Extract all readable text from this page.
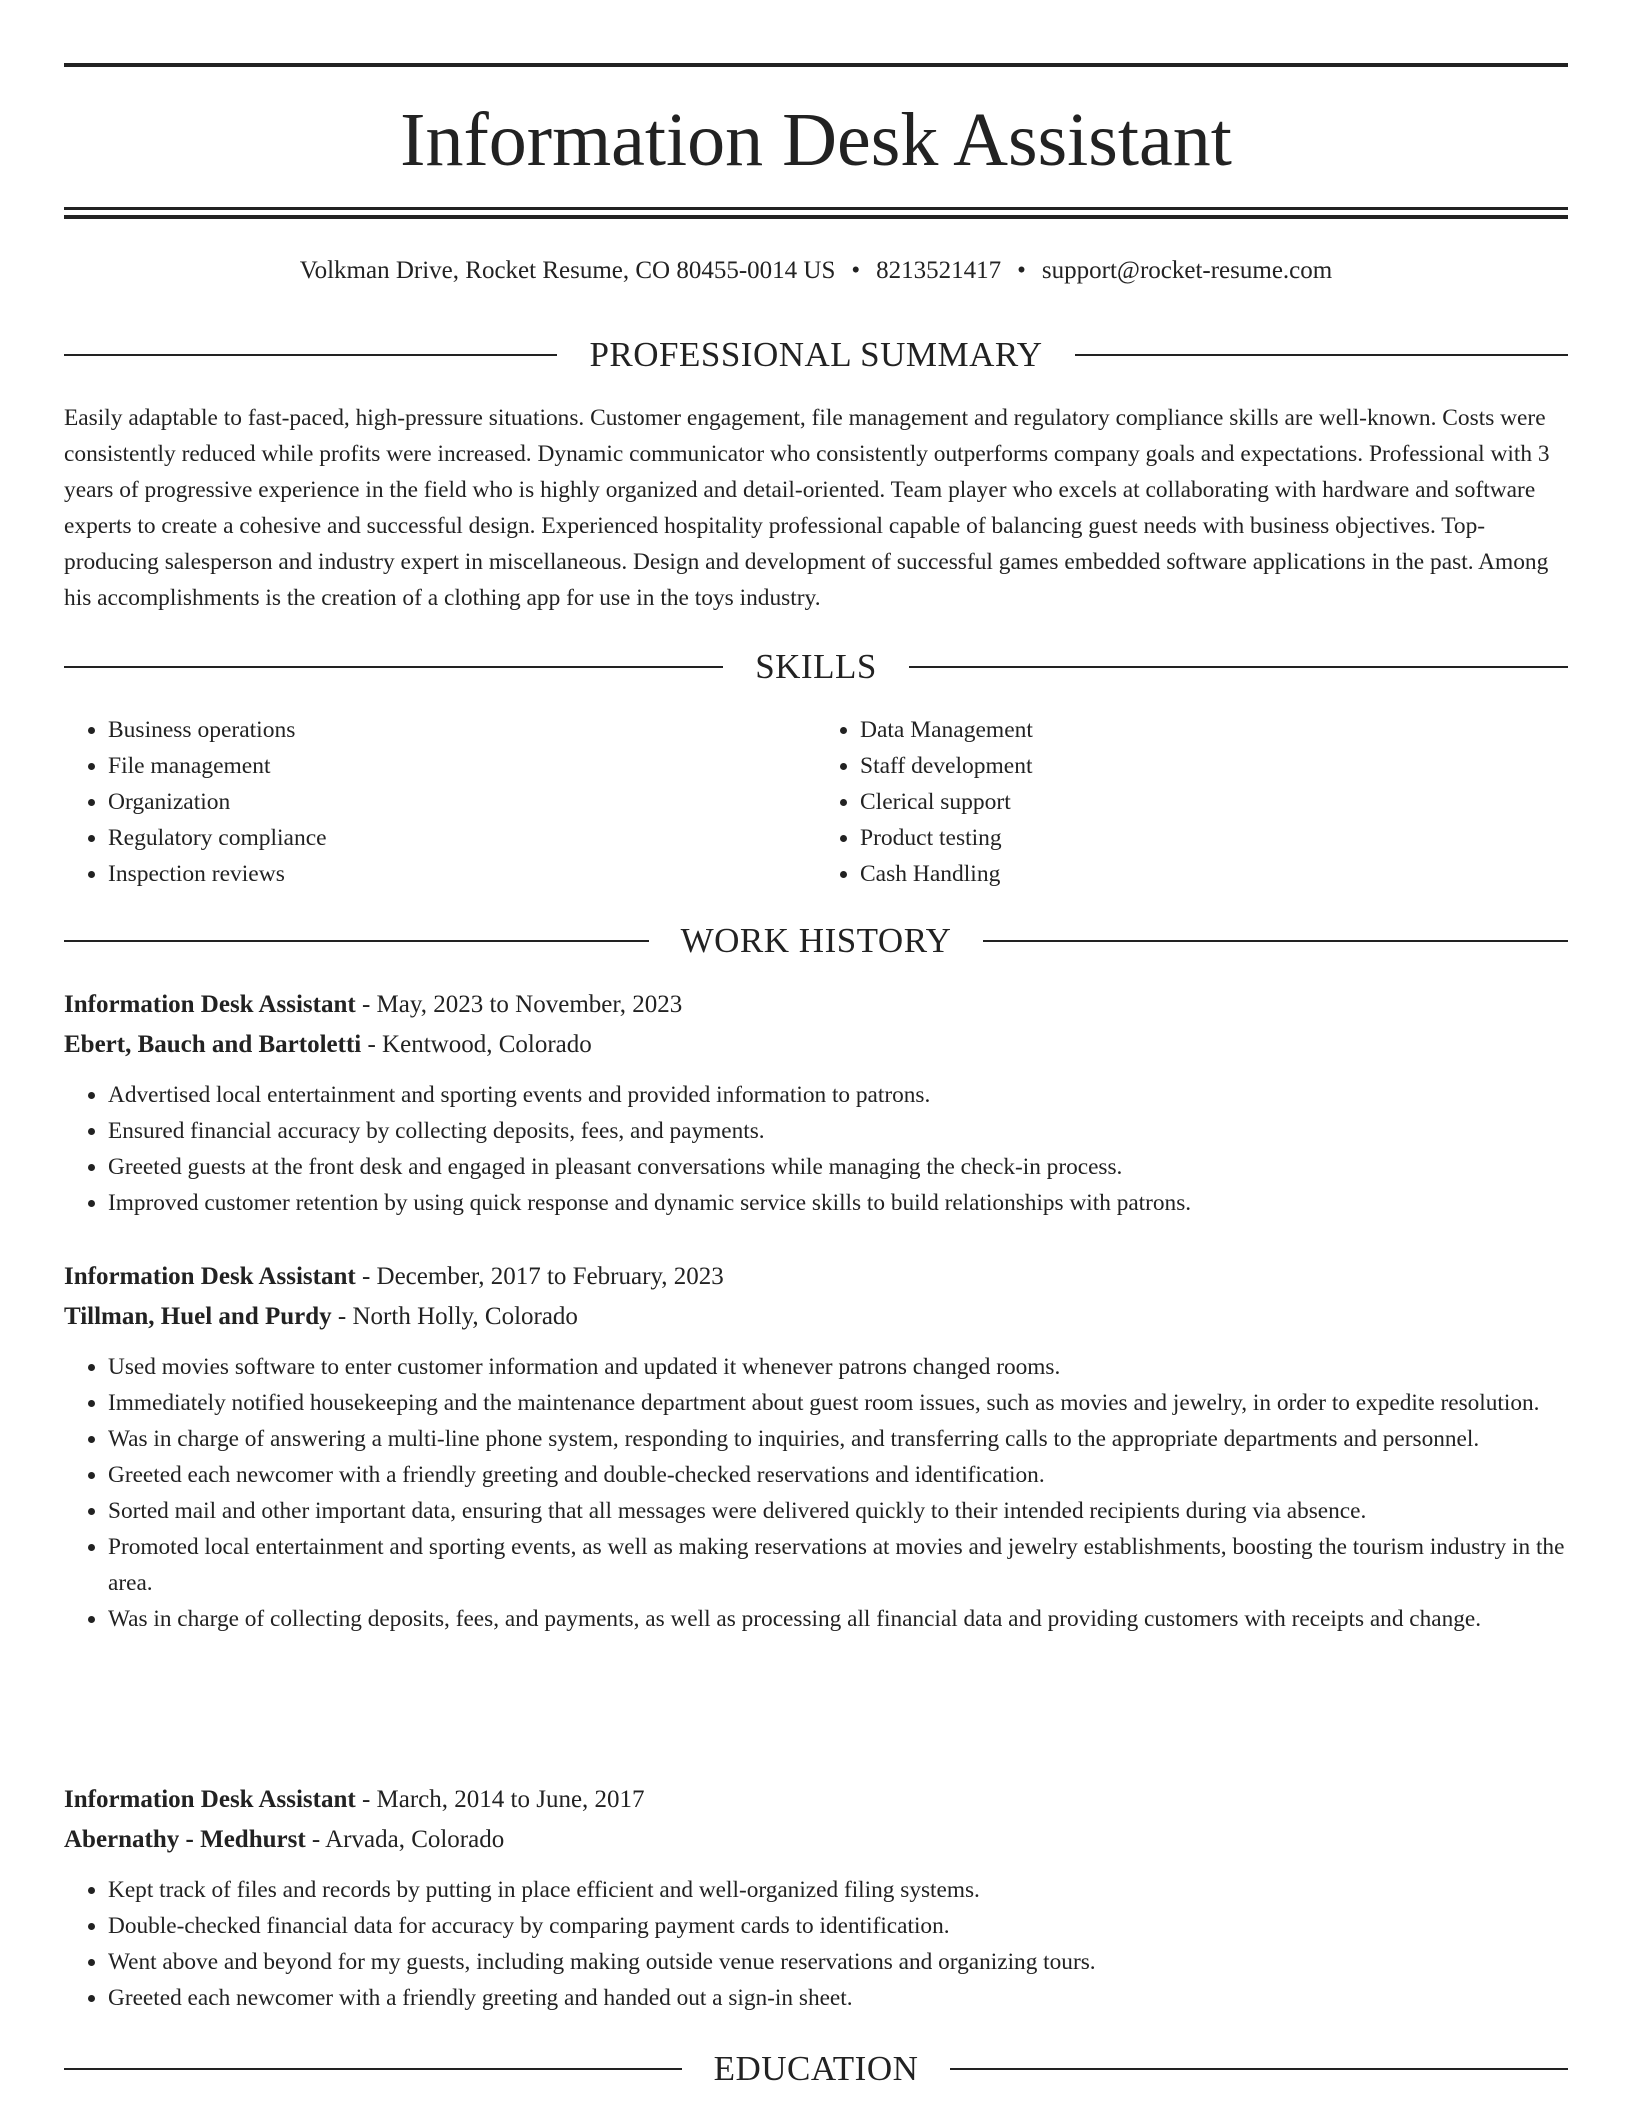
Information Desk Assistant
Volkman Drive, Rocket Resume, CO 80455-0014 US • 8213521417 • support@rocket-resume.com
PROFESSIONAL SUMMARY

Easily adaptable to fast-paced, high-pressure situations. Customer engagement, file management and regulatory compliance skills are well-known. Costs were consistently reduced while profits were increased. Dynamic communicator who consistently outperforms company goals and expectations. Professional with 3 years of progressive experience in the field who is highly organized and detail-oriented. Team player who excels at collaborating with hardware and software experts to create a cohesive and successful design. Experienced hospitality professional capable of balancing guest needs with business objectives. Top-producing salesperson and industry expert in miscellaneous. Design and development of successful games embedded software applications in the past. Among his accomplishments is the creation of a clothing app for use in the toys industry.

SKILLS
• Business operations
• File management
• Organization
• Regulatory compliance
• Inspection reviews
• Data Management
• Staff development
• Clerical support
• Product testing
• Cash Handling
WORK HISTORY

Information Desk Assistant - May, 2023 to November, 2023

Ebert, Bauch and Bartoletti - Kentwood, Colorado

• Advertised local entertainment and sporting events and provided information to patrons.
• Ensured financial accuracy by collecting deposits, fees, and payments.
• Greeted guests at the front desk and engaged in pleasant conversations while managing the check-in process.
• Improved customer retention by using quick response and dynamic service skills to build relationships with patrons.

Information Desk Assistant - December, 2017 to February, 2023

Tillman, Huel and Purdy - North Holly, Colorado

• Used movies software to enter customer information and updated it whenever patrons changed rooms.
• Immediately notified housekeeping and the maintenance department about guest room issues, such as movies and jewelry, in order to expedite resolution.
• Was in charge of answering a multi-line phone system, responding to inquiries, and transferring calls to the appropriate departments and personnel.
• Greeted each newcomer with a friendly greeting and double-checked reservations and identification.
• Sorted mail and other important data, ensuring that all messages were delivered quickly to their intended recipients during via absence.
• Promoted local entertainment and sporting events, as well as making reservations at movies and jewelry establishments, boosting the tourism industry in the area.
• Was in charge of collecting deposits, fees, and payments, as well as processing all financial data and providing customers with receipts and change.

Information Desk Assistant - March, 2014 to June, 2017

Abernathy - Medhurst - Arvada, Colorado

• Kept track of files and records by putting in place efficient and well-organized filing systems.
• Double-checked financial data for accuracy by comparing payment cards to identification.
• Went above and beyond for my guests, including making outside venue reservations and organizing tours.
• Greeted each newcomer with a friendly greeting and handed out a sign-in sheet.
EDUCATION
